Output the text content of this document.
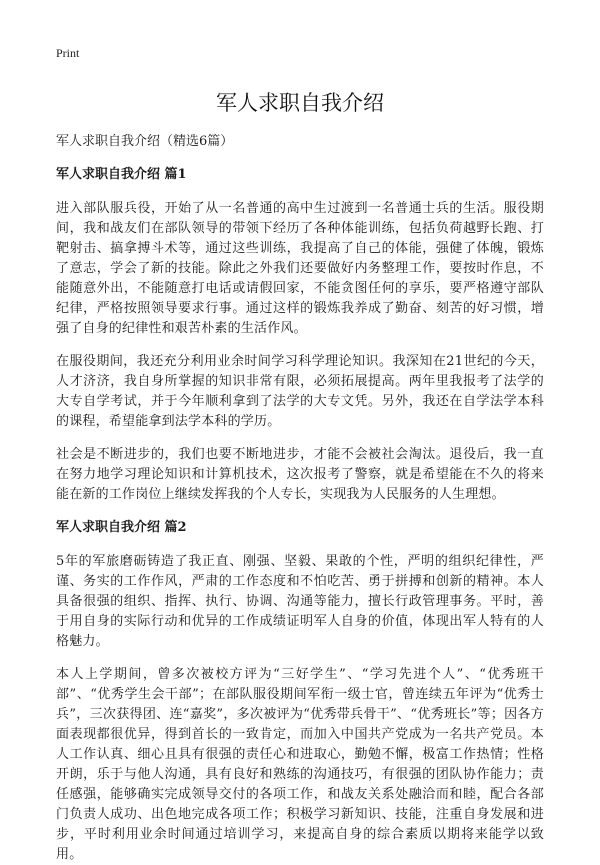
Print
军人求职自我介绍
军人求职自我介绍（精选6篇）
军人求职自我介绍 篇1

进入部队服兵役，开始了从一名普通的高中生过渡到一名普通士兵的生活。服役期间，我和战友们在部队领导的带领下经历了各种体能训练，包括负荷越野长跑、打靶射击、搞拿搏斗术等，通过这些训练，我提高了自己的体能，强健了体魄，锻炼了意志，学会了新的技能。除此之外我们还要做好内务整理工作，要按时作息，不能随意外出，不能随意打电话或请假回家，不能贪图任何的享乐，要严格遵守部队纪律，严格按照领导要求行事。通过这样的锻炼我养成了勤奋、刻苦的好习惯，增强了自身的纪律性和艰苦朴素的生活作风。

在服役期间，我还充分利用业余时间学习科学理论知识。我深知在21世纪的今天，人才济济，我自身所掌握的知识非常有限，必须拓展提高。两年里我报考了法学的大专自学考试，并于今年顺利拿到了法学的大专文凭。另外，我还在自学法学本科的课程，希望能拿到法学本科的学历。

社会是不断进步的，我们也要不断地进步，才能不会被社会淘汰。退役后，我一直在努力地学习理论知识和计算机技术，这次报考了警察，就是希望能在不久的将来能在新的工作岗位上继续发挥我的个人专长，实现我为人民服务的人生理想。

军人求职自我介绍 篇2

5年的军旅磨砺铸造了我正直、刚强、坚毅、果敢的个性，严明的组织纪律性，严谨、务实的工作作风，严肃的工作态度和不怕吃苦、勇于拼搏和创新的精神。本人具备很强的组织、指挥、执行、协调、沟通等能力，擅长行政管理事务。平时，善于用自身的实际行动和优异的工作成绩证明军人自身的价值，体现出军人特有的人格魅力。

本人上学期间，曾多次被校方评为“三好学生”、“学习先进个人”、“优秀班干部”、“优秀学生会干部”；在部队服役期间军衔一级士官，曾连续五年评为“优秀士兵”，三次获得团、连“嘉奖”，多次被评为“优秀带兵骨干”、“优秀班长”等；因各方面表现都很优异，得到首长的一致肯定，而加入中国共产党成为一名共产党员。本人工作认真、细心且具有很强的责任心和进取心，勤勉不懈，极富工作热情；性格开朗，乐于与他人沟通，具有良好和熟练的沟通技巧，有很强的团队协作能力；责任感强，能够确实完成领导交付的各项工作，和战友关系处融洽而和睦，配合各部门负责人成功、出色地完成各项工作；积极学习新知识、技能，注重自身发展和进步，平时利用业余时间通过培训学习，来提高自身的综合素质以期将来能学以致用。
